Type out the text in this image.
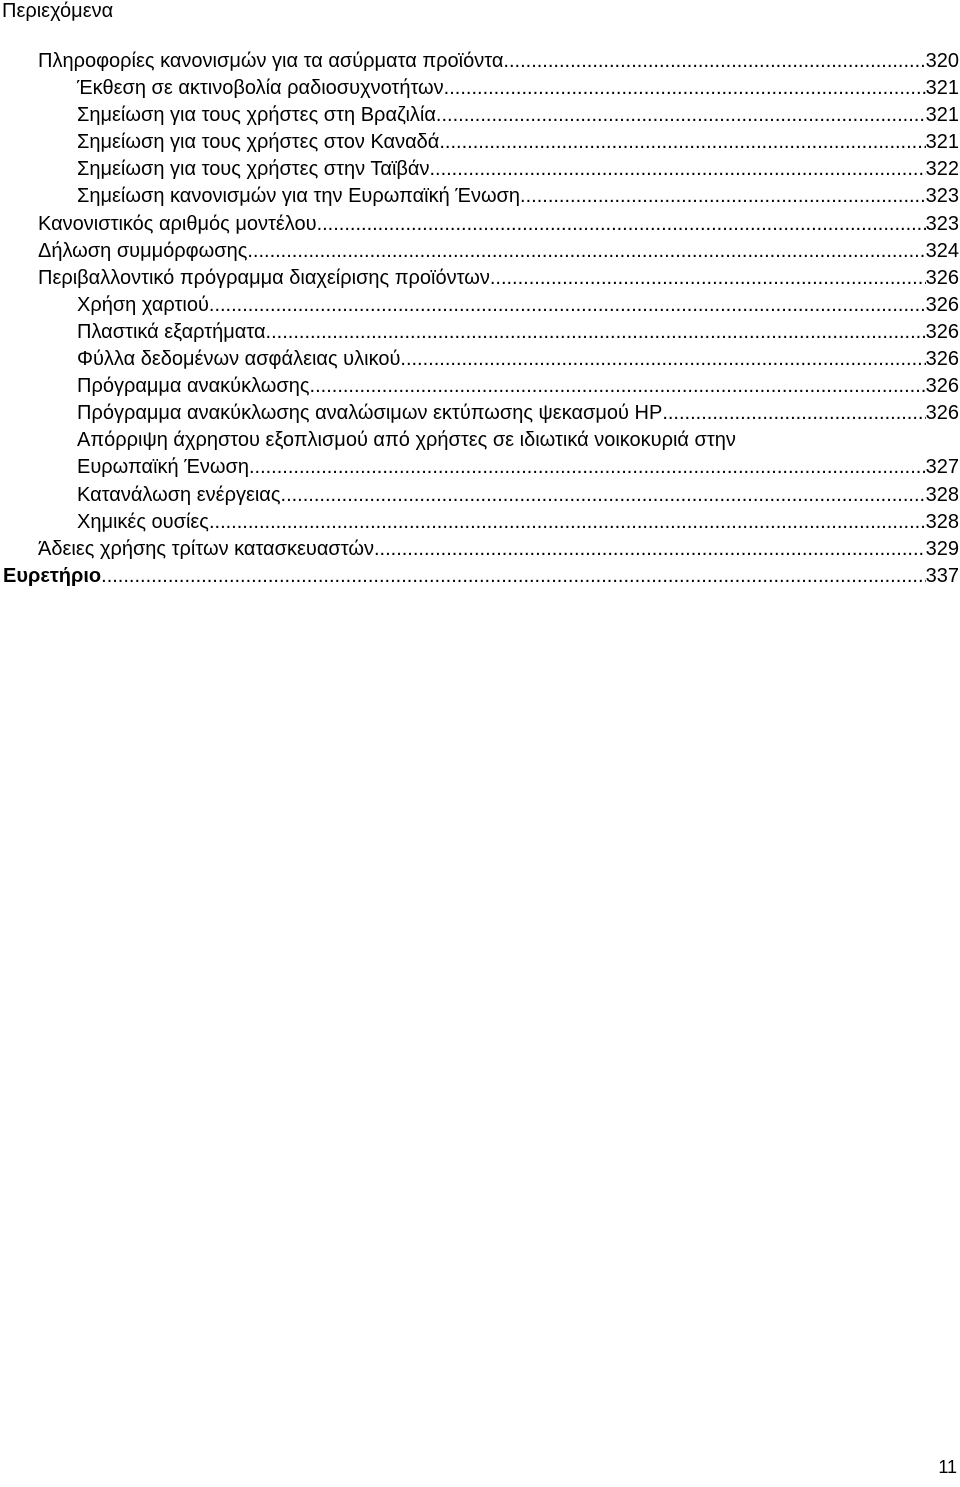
Περιεχόμενα
Πληροφορίες κανονισμών για τα ασύρματα προϊόντα .....	320
Έκθεση σε ακτινοβολία ραδιοσυχνοτήτων .....	321
Σημείωση για τους χρήστες στη Βραζιλία .....	321
Σημείωση για τους χρήστες στον Καναδά .....	321
Σημείωση για τους χρήστες στην Ταϊβάν .....	322
Σημείωση κανονισμών για την Ευρωπαϊκή Ένωση .....	323
Κανονιστικός αριθμός μοντέλου .....	323
Δήλωση συμμόρφωσης .....	324
Περιβαλλοντικό πρόγραμμα διαχείρισης προϊόντων .....	326
Χρήση χαρτιού .....	326
Πλαστικά εξαρτήματα .....	326
Φύλλα δεδομένων ασφάλειας υλικού .....	326
Πρόγραμμα ανακύκλωσης .....	326
Πρόγραμμα ανακύκλωσης αναλώσιμων εκτύπωσης ψεκασμού HP .....	326
Απόρριψη άχρηστου εξοπλισμού από χρήστες σε ιδιωτικά νοικοκυριά στην
Ευρωπαϊκή Ένωση .....	327
Κατανάλωση ενέργειας .....	328
Χημικές ουσίες .....	328
Άδειες χρήσης τρίτων κατασκευαστών .....	329
Ευρετήριο .....	337
11
